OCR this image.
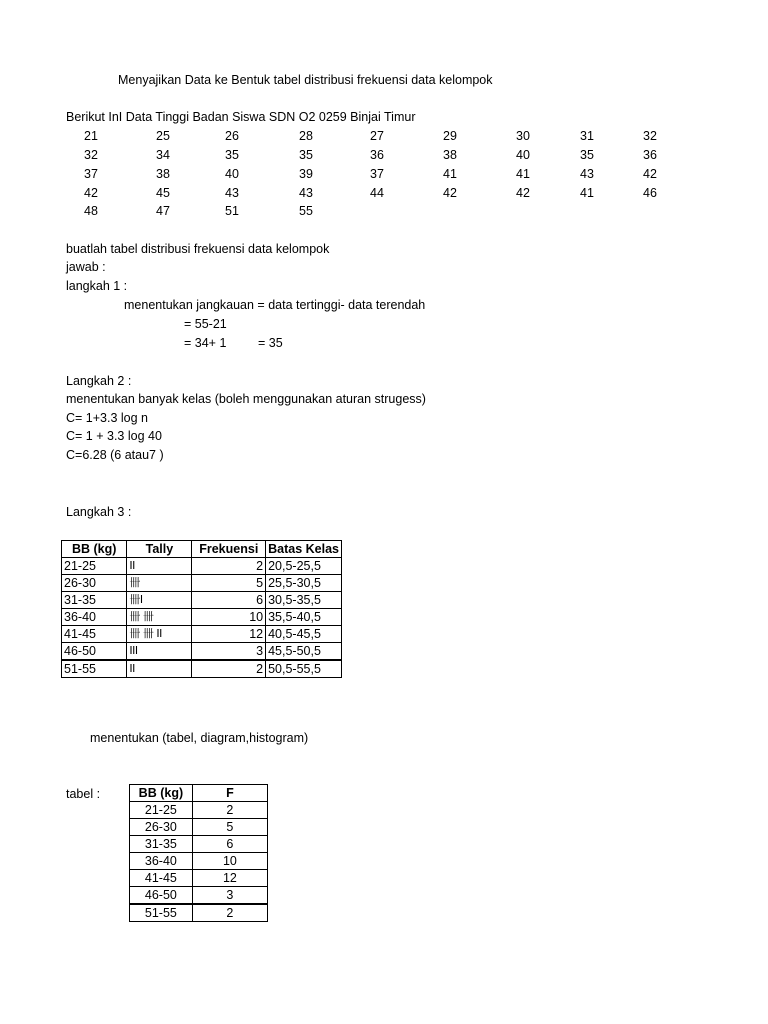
Menyajikan Data ke Bentuk tabel distribusi frekuensi data kelompok
Berikut InI Data Tinggi Badan Siswa SDN O2 0259 Binjai Timur
21	25	26	28	27	29	30	31	32
32	34	35	35	36	38	40	35	36
37	38	40	39	37	41	41	43	42
42	45	43	43	44	42	42	41	46
48	47	51	55
buatlah tabel distribusi frekuensi data kelompok
jawab :
langkah 1 :
menentukan jangkauan = data tertinggi- data terendah
= 55-21
= 34+ 1	= 35
Langkah 2 :
menentukan banyak kelas (boleh menggunakan aturan strugess)
C= 1+3.3 log n
C= 1 + 3.3 log 40
C=6.28 (6 atau7 )
Langkah 3 :
BB (kg)	Tally	Frekuensi	Batas Kelas
21-25	II	2	20,5-25,5
26-30	卌	5	25,5-30,5
31-35	卌I	6	30,5-35,5
36-40	卌 卌	10	35,5-40,5
41-45	卌 卌 II	12	40,5-45,5
46-50	III	3	45,5-50,5
51-55	II	2	50,5-55,5
menentukan (tabel, diagram,histogram)
tabel :	BB (kg)	F
21-25	2
26-30	5
31-35	6
36-40	10
41-45	12
46-50	3
51-55	2
